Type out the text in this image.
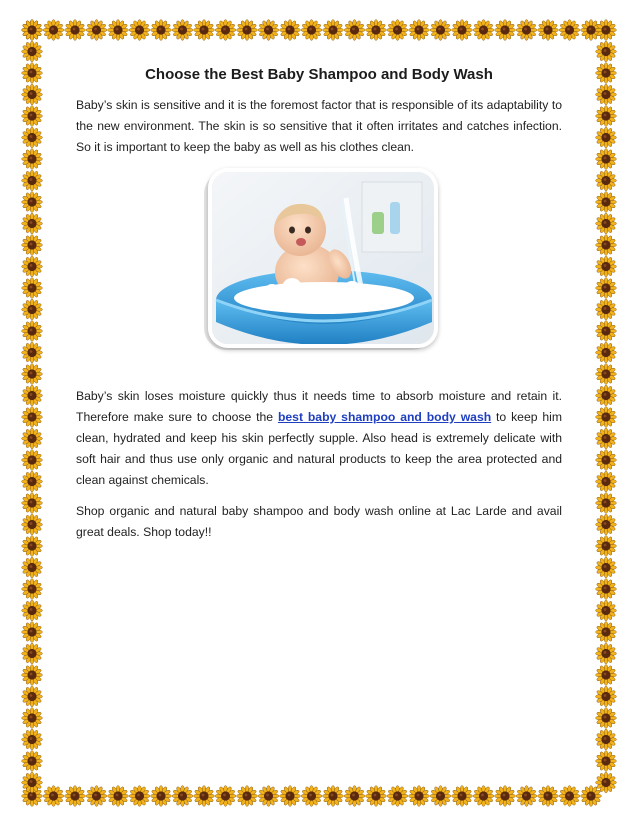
Choose the Best Baby Shampoo and Body Wash

Baby’s skin is sensitive and it is the foremost factor that is responsible of its adaptability to the new environment. The skin is so sensitive that it often irritates and catches infection. So it is important to keep the baby as well as his clothes clean.

Baby’s skin loses moisture quickly thus it needs time to absorb moisture and retain it. Therefore make sure to choose the best baby shampoo and body wash to keep him clean, hydrated and keep his skin perfectly supple. Also head is extremely delicate with soft hair and thus use only organic and natural products to keep the area protected and clean against chemicals.

Shop organic and natural baby shampoo and body wash online at Lac Larde and avail great deals. Shop today!!
